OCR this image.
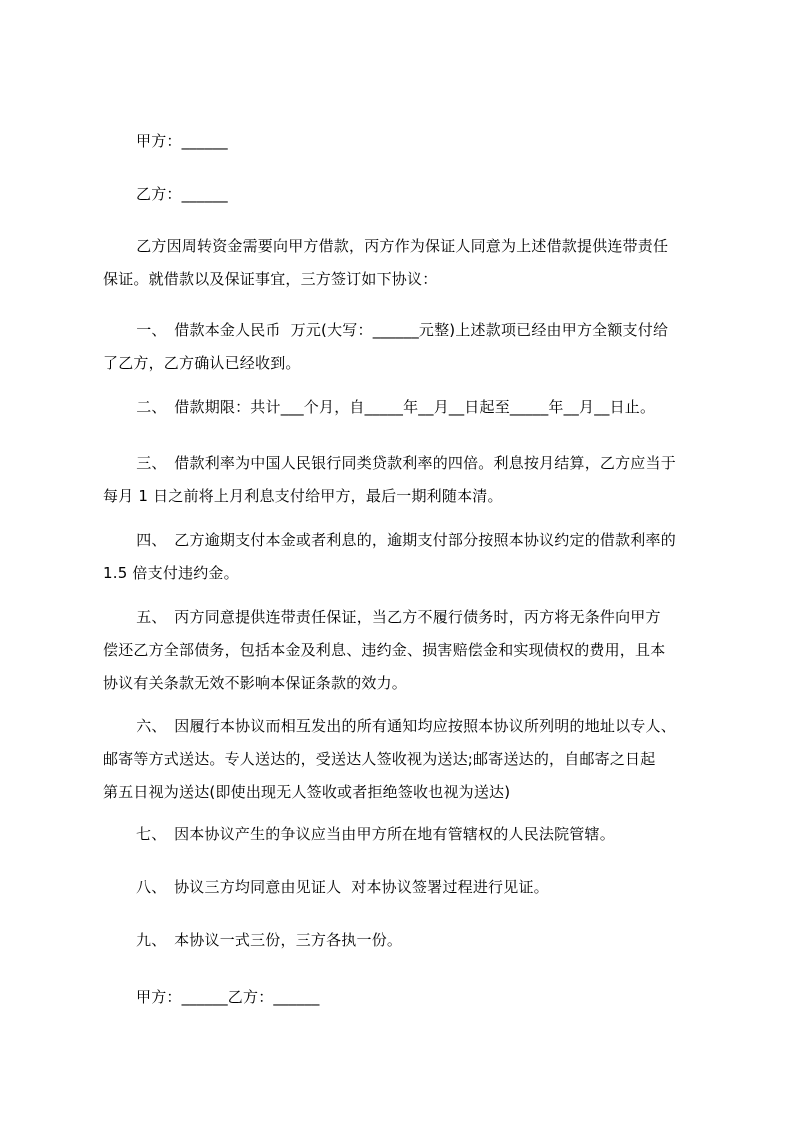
甲方：______
乙方：______
　乙方因周转资金需要向甲方借款，丙方作为保证人同意为上述借款提供连带责任
保证。就借款以及保证事宜，三方签订如下协议：
　一、　借款本金人民币  万元(大写：______元整)上述款项已经由甲方全额支付给
了乙方，乙方确认已经收到。
　二、　借款期限：共计___个月，自_____年__月__日起至_____年__月__日止。
　三、　借款利率为中国人民银行同类贷款利率的四倍。利息按月结算，乙方应当于
每月 1 日之前将上月利息支付给甲方，最后一期利随本清。
　四、　乙方逾期支付本金或者利息的，逾期支付部分按照本协议约定的借款利率的
1.5 倍支付违约金。
　五、　丙方同意提供连带责任保证，当乙方不履行债务时，丙方将无条件向甲方
偿还乙方全部债务，包括本金及利息、违约金、损害赔偿金和实现债权的费用，且本
协议有关条款无效不影响本保证条款的效力。
　六、　因履行本协议而相互发出的所有通知均应按照本协议所列明的地址以专人、
邮寄等方式送达。专人送达的，受送达人签收视为送达;邮寄送达的，自邮寄之日起
第五日视为送达(即使出现无人签收或者拒绝签收也视为送达)
七、　因本协议产生的争议应当由甲方所在地有管辖权的人民法院管辖。
八、　协议三方均同意由见证人  对本协议签署过程进行见证。
九、　本协议一式三份，三方各执一份。
甲方：______乙方：______
